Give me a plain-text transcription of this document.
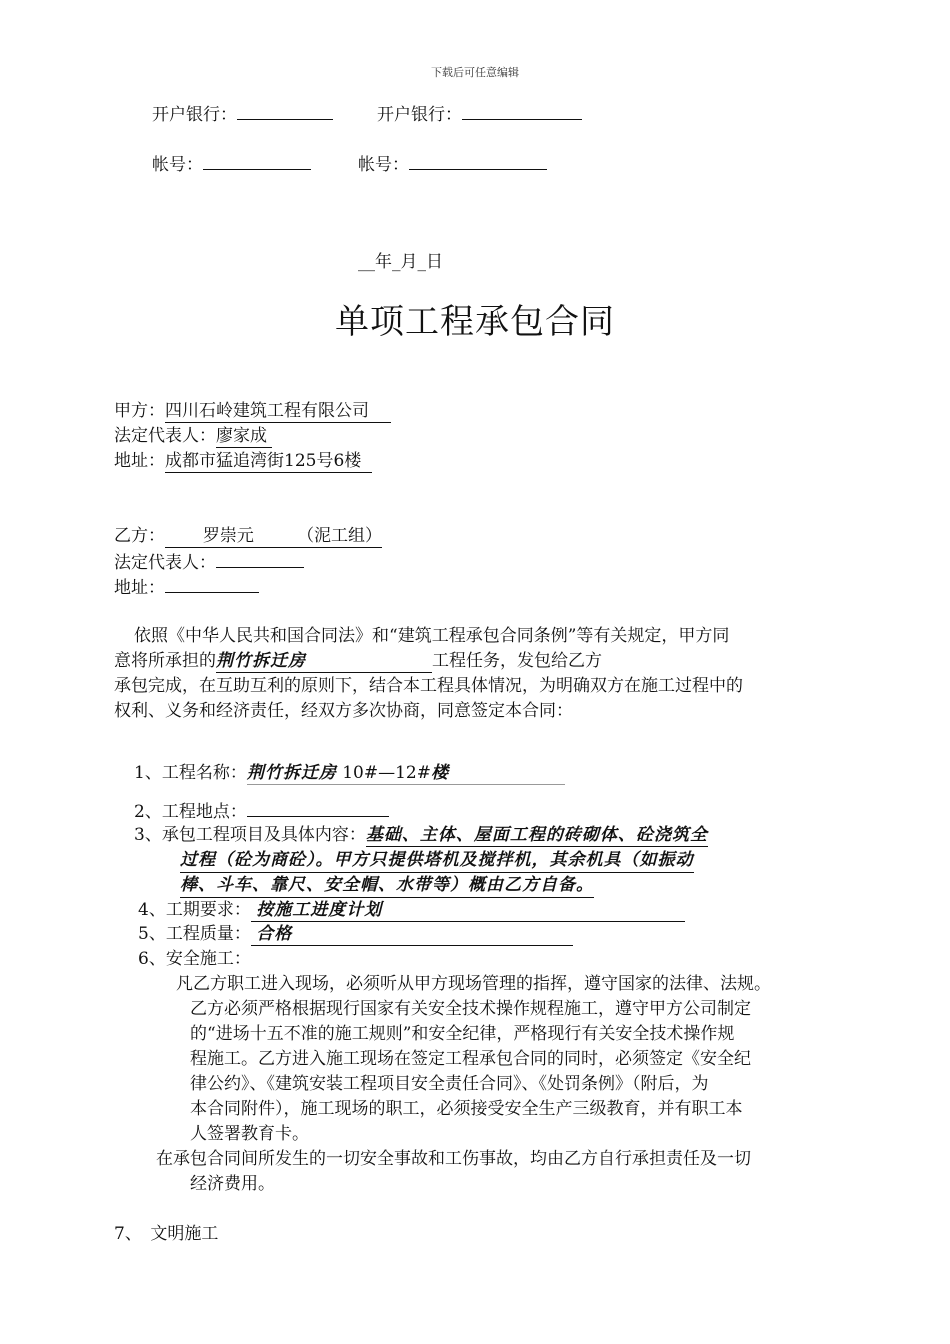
下载后可任意编辑
开户银行：	开户银行：
帐号：	帐号：
__年_月_日
单项工程承包合同
甲方：四川石岭建筑工程有限公司
法定代表人：廖家成
地址：成都市猛追湾街125号6楼
乙方： 罗崇元	（泥工组）
法定代表人：
地址：
依照《中华人民共和国合同法》和“建筑工程承包合同条例”等有关规定，甲方同
意将所承担的荆竹拆迁房	工程任务，发包给乙方
承包完成，在互助互利的原则下，结合本工程具体情况，为明确双方在施工过程中的
权利、义务和经济责任，经双方多次协商，同意签定本合同：
1、工程名称：荆竹拆迁房 10#—12#楼
2、工程地点：
3、承包工程项目及具体内容：基础、主体、屋面工程的砖砌体、砼浇筑全
过程（砼为商砼）。甲方只提供塔机及搅拌机，其余机具（如振动
棒、斗车、靠尺、安全帽、水带等）概由乙方自备。
4、工期要求： 按施工进度计划
5、工程质量： 合格
6、安全施工：
凡乙方职工进入现场，必须听从甲方现场管理的指挥，遵守国家的法律、法规。
乙方必须严格根据现行国家有关安全技术操作规程施工，遵守甲方公司制定
的“进场十五不准的施工规则”和安全纪律，严格现行有关安全技术操作规
程施工。乙方进入施工现场在签定工程承包合同的同时，必须签定《安全纪
律公约》、《建筑安装工程项目安全责任合同》、《处罚条例》（附后，为
本合同附件），施工现场的职工，必须接受安全生产三级教育，并有职工本
人签署教育卡。
在承包合同间所发生的一切安全事故和工伤事故，均由乙方自行承担责任及一切
经济费用。
7、　文明施工
